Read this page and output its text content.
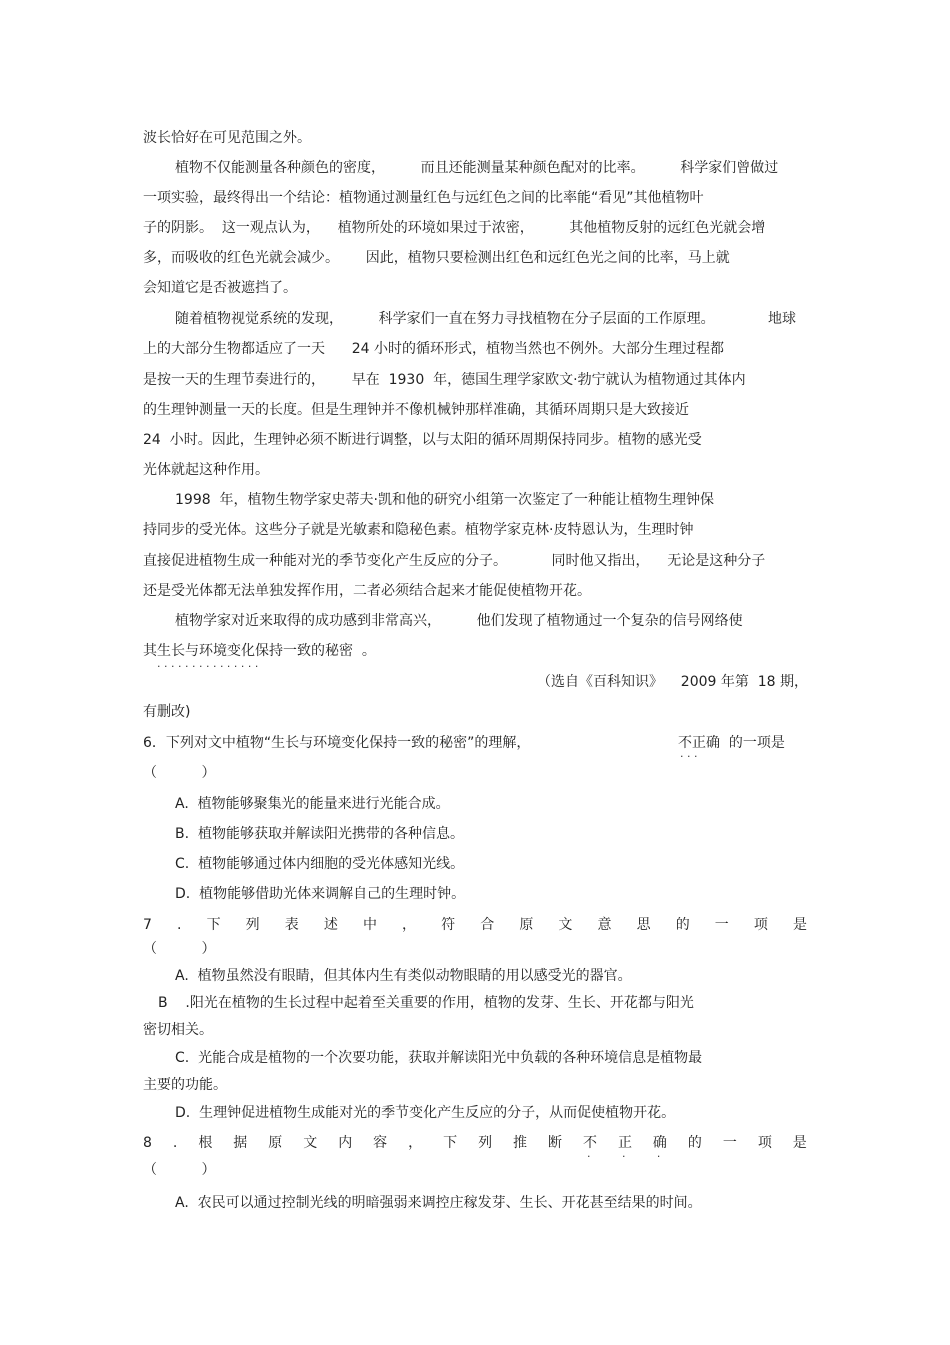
波长恰好在可见范围之外。
植物不仅能测量各种颜色的密度，        而且还能测量某种颜色配对的比率。        科学家们曾做过
一项实验，最终得出一个结论：植物通过测量红色与远红色之间的比率能“看见”其他植物叶
子的阴影。  这一观点认为，    植物所处的环境如果过于浓密，        其他植物反射的远红色光就会增
多，而吸收的红色光就会减少。      因此，植物只要检测出红色和远红色光之间的比率，马上就
会知道它是否被遮挡了。
随着植物视觉系统的发现，        科学家们一直在努力寻找植物在分子层面的工作原理。            地球
上的大部分生物都适应了一天      24 小时的循环形式，植物当然也不例外。大部分生理过程都
是按一天的生理节奏进行的，      早在  1930  年，德国生理学家欧文·勃宁就认为植物通过其体内
的生理钟测量一天的长度。但是生理钟并不像机械钟那样准确，其循环周期只是大致接近
24  小时。因此，生理钟必须不断进行调整，以与太阳的循环周期保持同步。植物的感光受
光体就起这种作用。
1998  年，植物生物学家史蒂夫·凯和他的研究小组第一次鉴定了一种能让植物生理钟保
持同步的受光体。这些分子就是光敏素和隐秘色素。植物学家克林·皮特恩认为，生理时钟
直接促进植物生成一种能对光的季节变化产生反应的分子。          同时他又指出，    无论是这种分子
还是受光体都无法单独发挥作用，二者必须结合起来才能促使植物开花。
植物学家对近来取得的成功感到非常高兴，        他们发现了植物通过一个复杂的信号网络使
其生长与环境变化保持一致的秘密 · · ·  。
（选自《百科知识》    2009 年第  18 期，
有删改)
6．下列对文中植物“生长与环境变化保持一致的秘密”的理解，	不正确 ·  ·  · 的一项是
（          ）
A.  植物能够聚集光的能量来进行光能合成。
B.  植物能够获取并解读阳光携带的各种信息。
C.  植物能够通过体内细胞的受光体感知光线。
D.  植物能够借助光体来调解自己的生理时钟。
7 . 下 列 表 述 中 ， 符 合 原 文 意 思 的 一 项 是
（          ）
A.  植物虽然没有眼睛，但其体内生有类似动物眼睛的用以感受光的器官。
B    .阳光在植物的生长过程中起着至关重要的作用，植物的发芽、生长、开花都与阳光
密切相关。
C.  光能合成是植物的一个次要功能，获取并解读阳光中负载的各种环境信息是植物最
主要的功能。
D.  生理钟促进植物生成能对光的季节变化产生反应的分子，从而促使植物开花。
8 . 根 据 原 文 内 容 ， 下 列 推 断 不 · 正 · 确 · 的 一 项 是
（          ）
A.  农民可以通过控制光线的明暗强弱来调控庄稼发芽、生长、开花甚至结果的时间。
